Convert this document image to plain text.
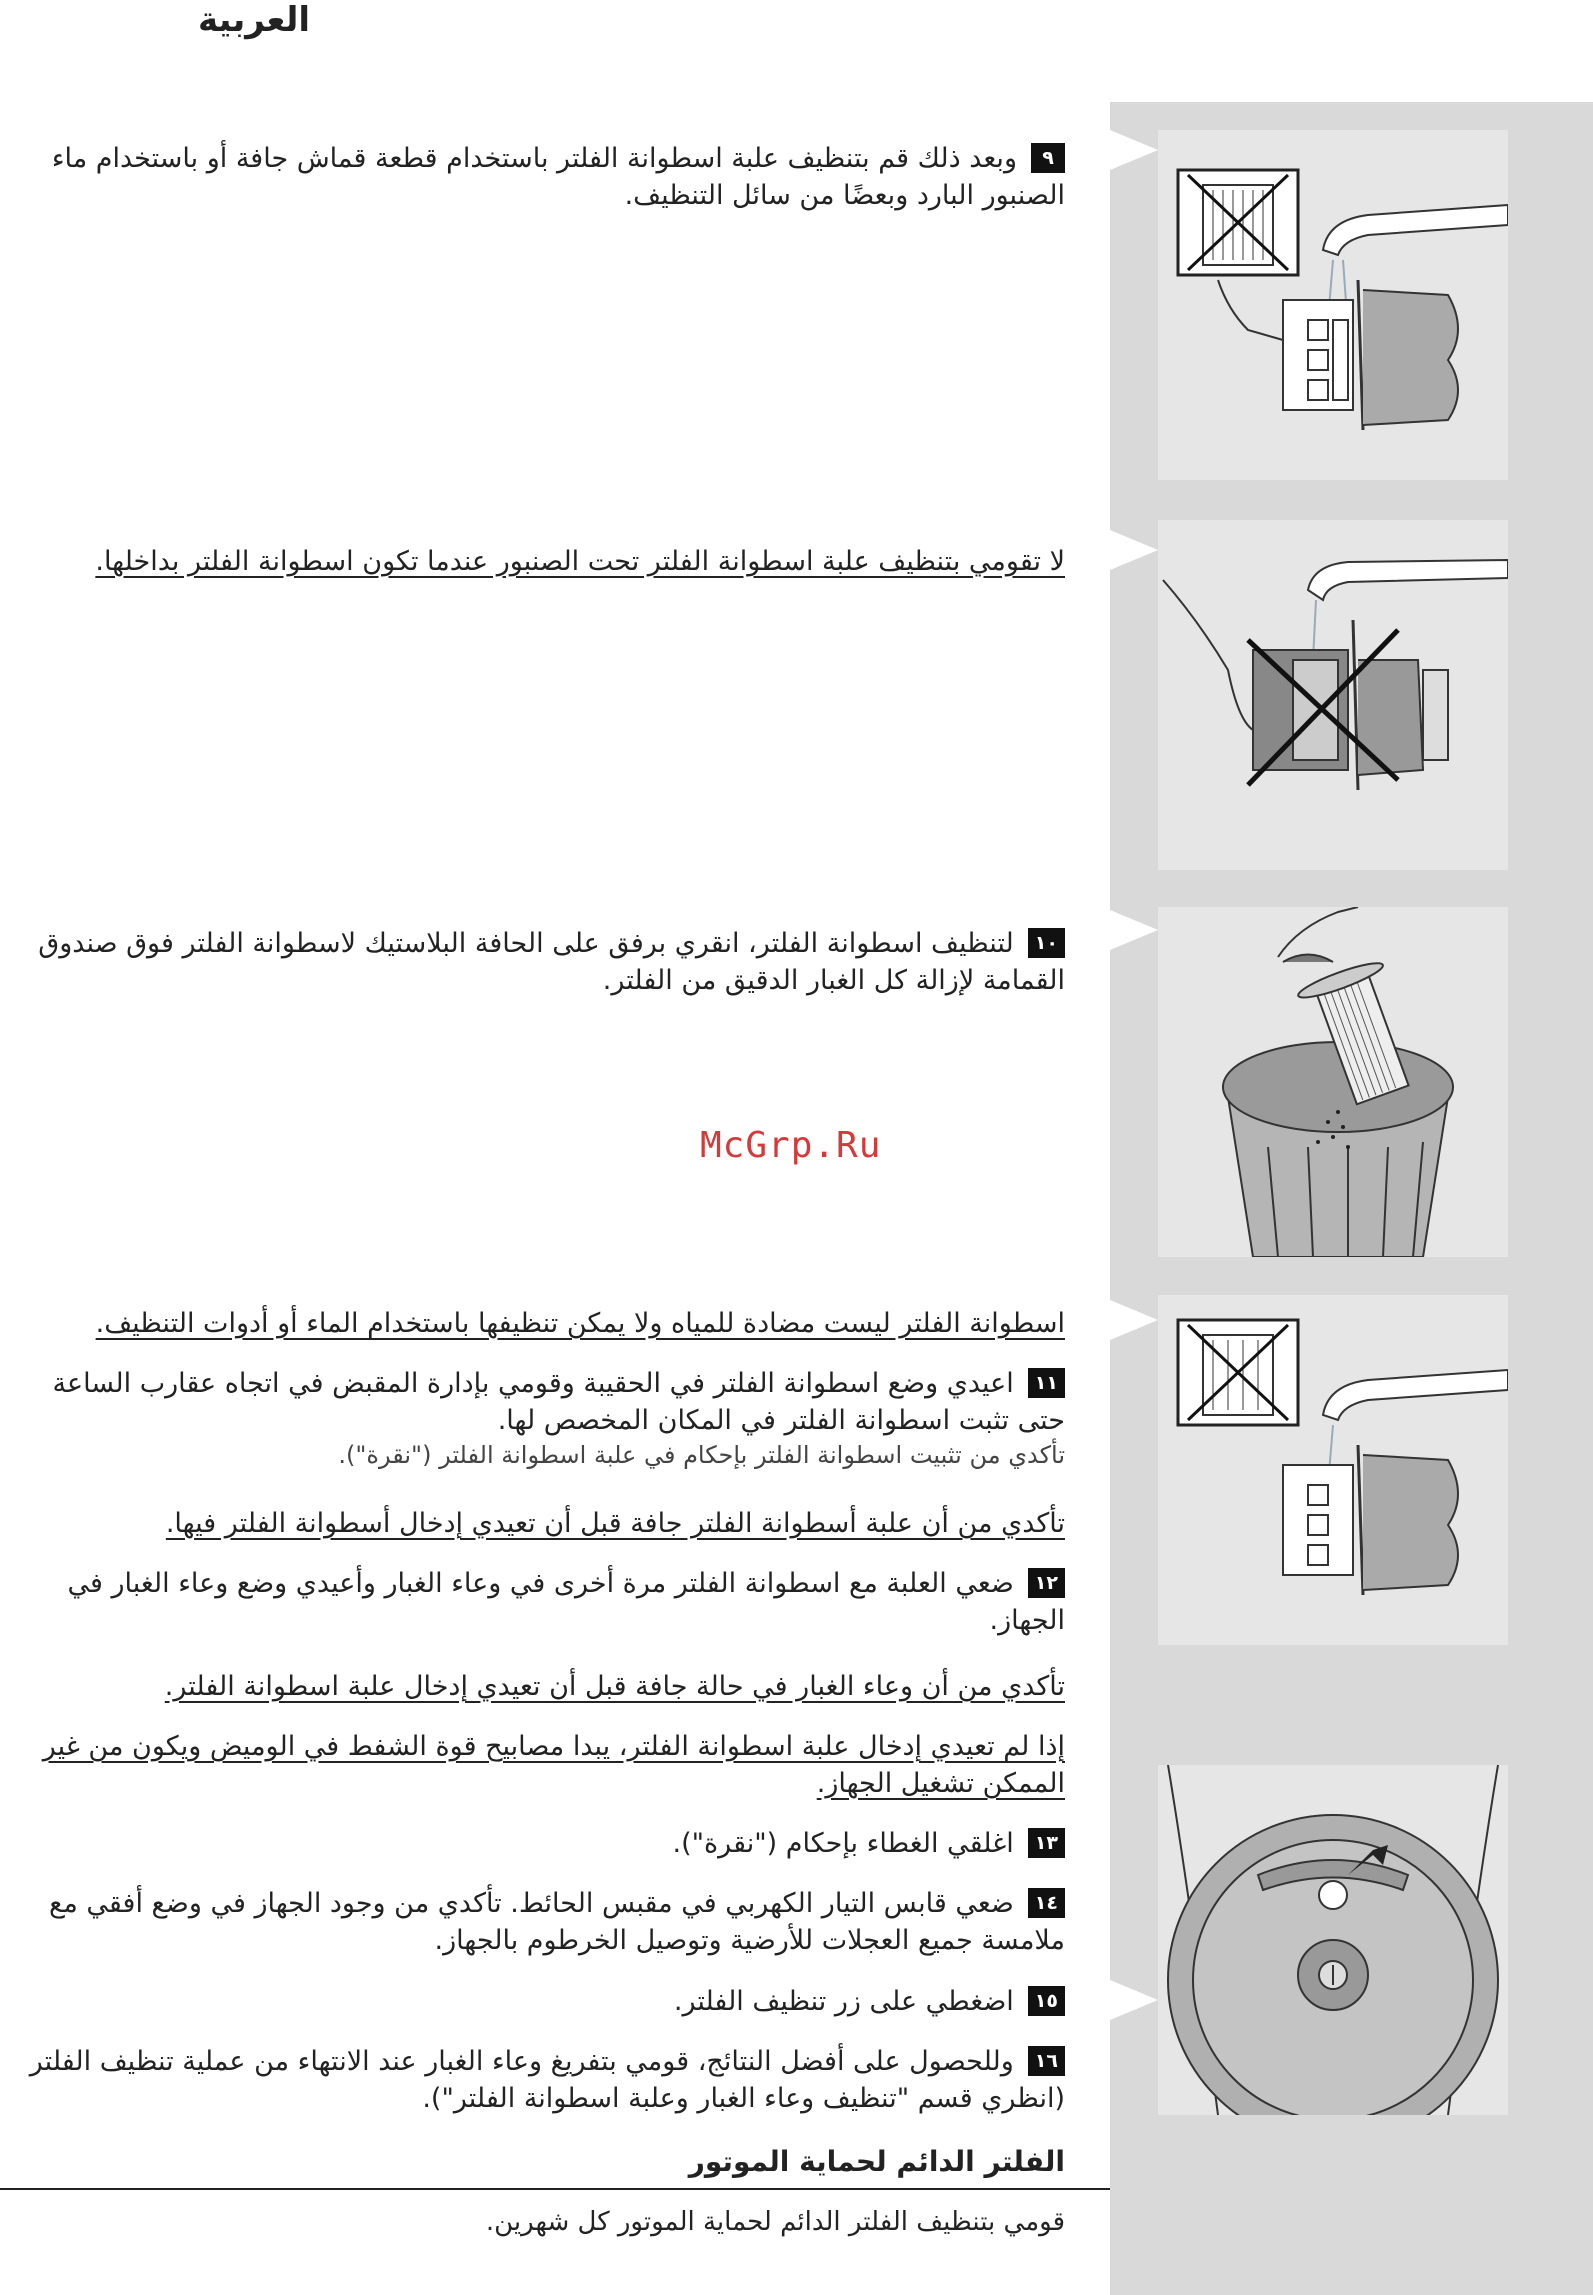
العربية
McGrp.Ru
٩وبعد ذلك قم بتنظيف علبة اسطوانة الفلتر باستخدام قطعة قماش جافة أو باستخدام ماء الصنبور البارد وبعضًا من سائل التنظيف.
لا تقومي بتنظيف علبة اسطوانة الفلتر تحت الصنبور عندما تكون اسطوانة الفلتر بداخلها.
١٠لتنظيف اسطوانة الفلتر، انقري برفق على الحافة البلاستيك لاسطوانة الفلتر فوق صندوق القمامة لإزالة كل الغبار الدقيق من الفلتر.
اسطوانة الفلتر ليست مضادة للمياه ولا يمكن تنظيفها باستخدام الماء أو أدوات التنظيف.
١١اعيدي وضع اسطوانة الفلتر في الحقيبة وقومي بإدارة المقبض في اتجاه عقارب الساعة حتى تثبت اسطوانة الفلتر في المكان المخصص لها.
تأكدي من تثبيت اسطوانة الفلتر بإحكام في علبة اسطوانة الفلتر ("نقرة").
تأكدي من أن علبة أسطوانة الفلتر جافة قبل أن تعيدي إدخال أسطوانة الفلتر فيها.
١٢ضعي العلبة مع اسطوانة الفلتر مرة أخرى في وعاء الغبار وأعيدي وضع وعاء الغبار في الجهاز.
تأكدي من أن وعاء الغبار في حالة جافة قبل أن تعيدي إدخال علبة اسطوانة الفلتر.
إذا لم تعيدي إدخال علبة اسطوانة الفلتر، يبدا مصابيح قوة الشفط في الوميض ويكون من غير الممكن تشغيل الجهاز.
١٣اغلقي الغطاء بإحكام ("نقرة").
١٤ضعي قابس التيار الكهربي في مقبس الحائط. تأكدي من وجود الجهاز في وضع أفقي مع ملامسة جميع العجلات للأرضية وتوصيل الخرطوم بالجهاز.
١٥اضغطي على زر تنظيف الفلتر.
١٦وللحصول على أفضل النتائج، قومي بتفريغ وعاء الغبار عند الانتهاء من عملية تنظيف الفلتر (انظري قسم "تنظيف وعاء الغبار وعلبة اسطوانة الفلتر").
الفلتر الدائم لحماية الموتور
قومي بتنظيف الفلتر الدائم لحماية الموتور كل شهرين.
